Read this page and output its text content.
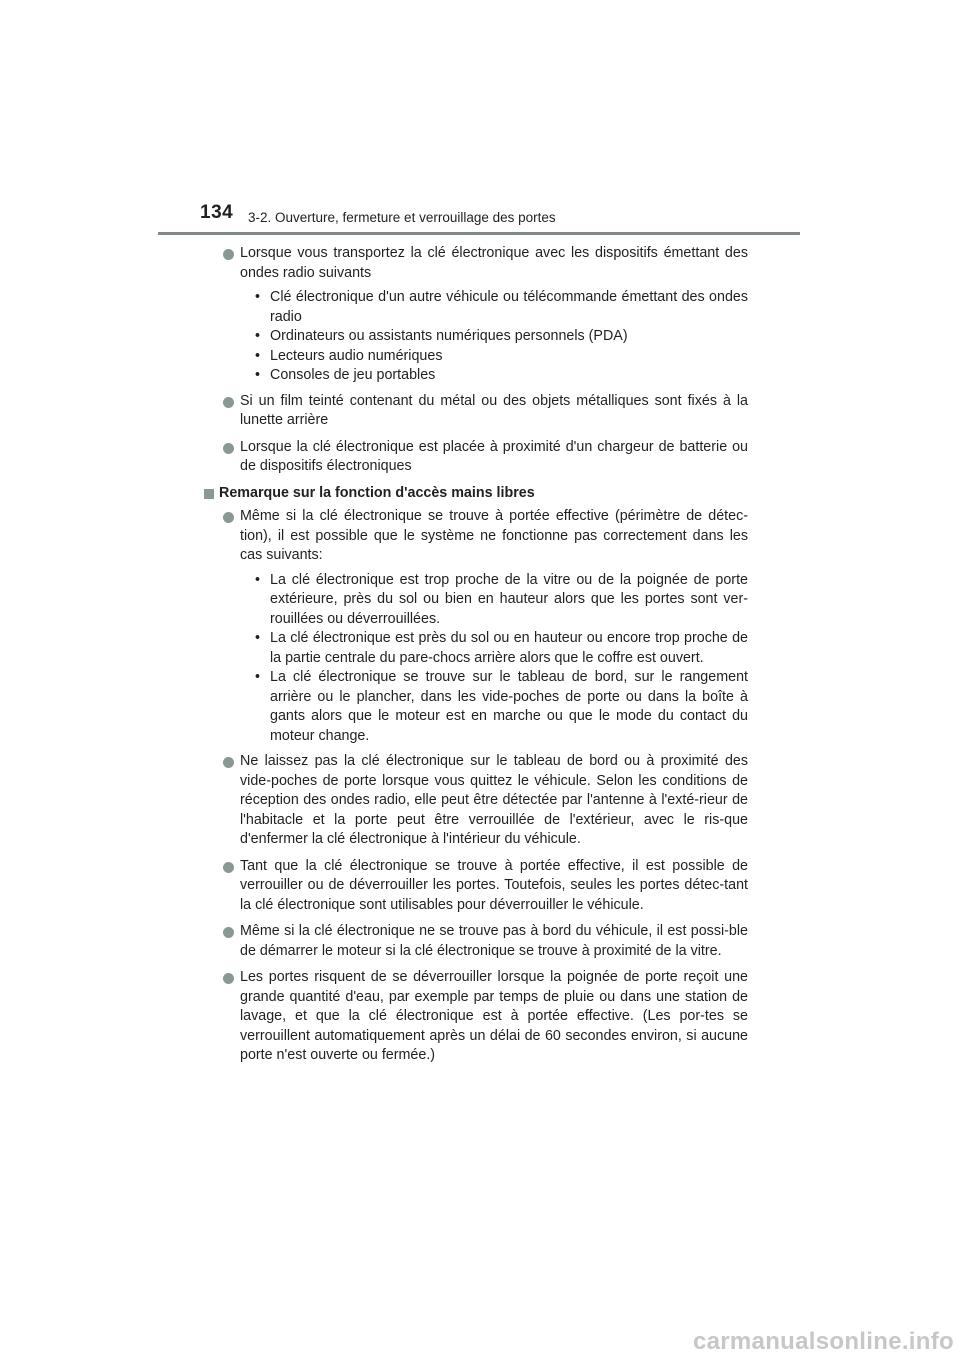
134 3-2. Ouverture, fermeture et verrouillage des portes
Lorsque vous transportez la clé électronique avec les dispositifs émettant des ondes radio suivants
• Clé électronique d'un autre véhicule ou télécommande émettant des ondes radio
• Ordinateurs ou assistants numériques personnels (PDA)
• Lecteurs audio numériques
• Consoles de jeu portables
Si un film teinté contenant du métal ou des objets métalliques sont fixés à la lunette arrière
Lorsque la clé électronique est placée à proximité d'un chargeur de batterie ou de dispositifs électroniques
Remarque sur la fonction d'accès mains libres
Même si la clé électronique se trouve à portée effective (périmètre de détec-tion), il est possible que le système ne fonctionne pas correctement dans les cas suivants:
• La clé électronique est trop proche de la vitre ou de la poignée de porte extérieure, près du sol ou bien en hauteur alors que les portes sont ver-rouillées ou déverrouillées.
• La clé électronique est près du sol ou en hauteur ou encore trop proche de la partie centrale du pare-chocs arrière alors que le coffre est ouvert.
• La clé électronique se trouve sur le tableau de bord, sur le rangement arrière ou le plancher, dans les vide-poches de porte ou dans la boîte à gants alors que le moteur est en marche ou que le mode du contact du moteur change.
Ne laissez pas la clé électronique sur le tableau de bord ou à proximité des vide-poches de porte lorsque vous quittez le véhicule. Selon les conditions de réception des ondes radio, elle peut être détectée par l'antenne à l'exté-rieur de l'habitacle et la porte peut être verrouillée de l'extérieur, avec le ris-que d'enfermer la clé électronique à l'intérieur du véhicule.
Tant que la clé électronique se trouve à portée effective, il est possible de verrouiller ou de déverrouiller les portes. Toutefois, seules les portes détec-tant la clé électronique sont utilisables pour déverrouiller le véhicule.
Même si la clé électronique ne se trouve pas à bord du véhicule, il est possi-ble de démarrer le moteur si la clé électronique se trouve à proximité de la vitre.
Les portes risquent de se déverrouiller lorsque la poignée de porte reçoit une grande quantité d'eau, par exemple par temps de pluie ou dans une station de lavage, et que la clé électronique est à portée effective. (Les por-tes se verrouillent automatiquement après un délai de 60 secondes environ, si aucune porte n'est ouverte ou fermée.)
carmanualsonline.info
